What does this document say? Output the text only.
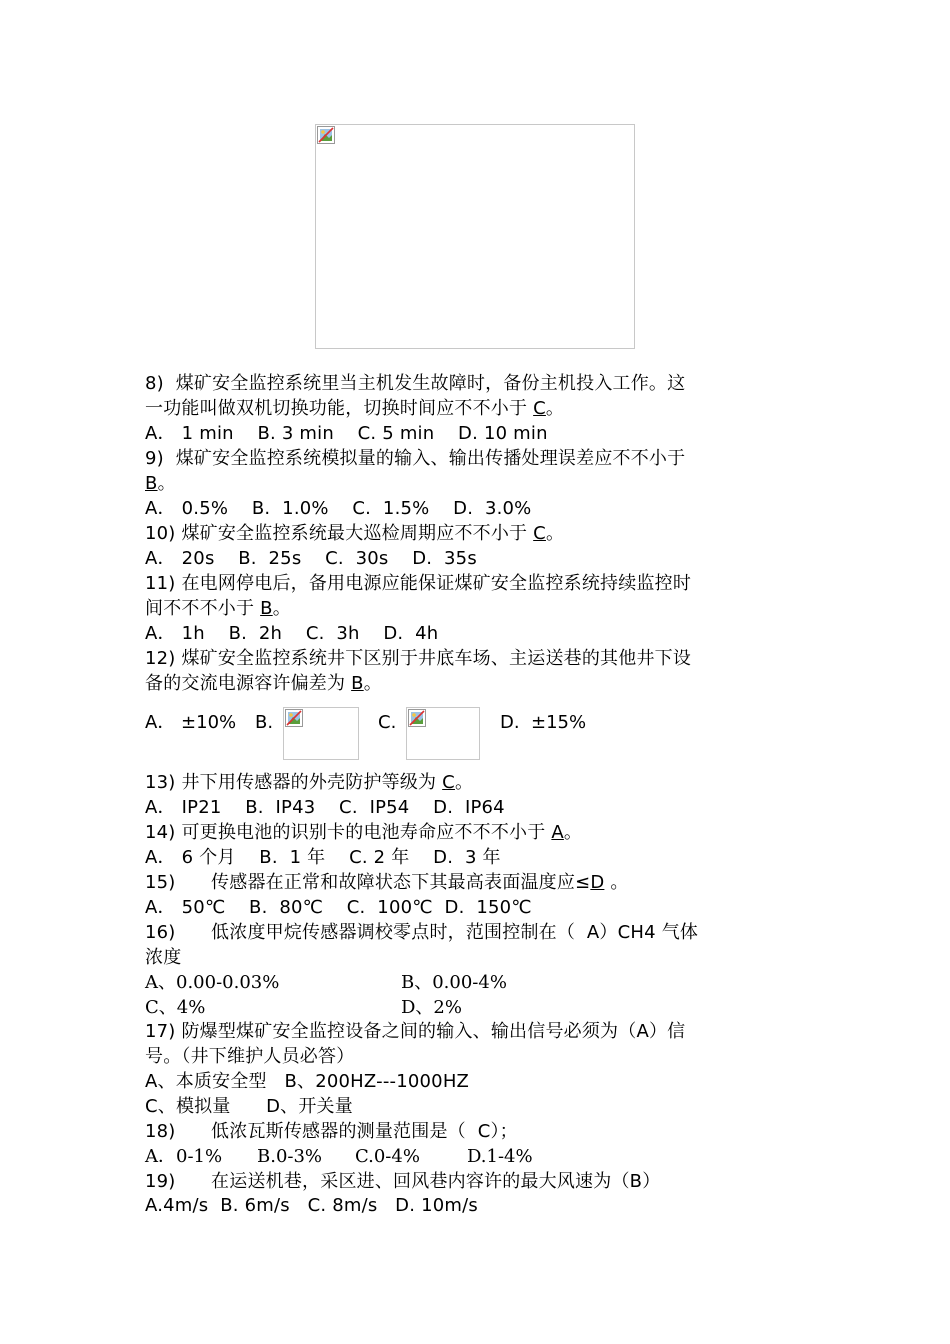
8)  煤矿安全监控系统里当主机发生故障时，备份主机投入工作。这
一功能叫做双机切换功能，切换时间应不不小于 C。
A． 1 min    B. 3 min    C. 5 min    D. 10 min
9)  煤矿安全监控系统模拟量的输入、输出传播处理误差应不不小于
B。
A． 0.5%    B.  1.0%    C.  1.5%    D.  3.0%
10) 煤矿安全监控系统最大巡检周期应不不小于 C。
A． 20s    B.  25s    C.  30s    D.  35s
11) 在电网停电后，备用电源应能保证煤矿安全监控系统持续监控时
间不不不小于 B。
A． 1h    B.  2h    C.  3h    D.  4h
12) 煤矿安全监控系统井下区别于井底车场、主运送巷的其他井下设
备的交流电源容许偏差为 B。
A． ±10% B.	C.	D.  ±15%
13) 井下用传感器的外壳防护等级为 C。
A． IP21    B.  IP43    C.  IP54    D.  IP64
14) 可更换电池的识别卡的电池寿命应不不不小于 A。
A． 6 个月    B.  1 年    C. 2 年    D.  3 年
15)      传感器在正常和故障状态下其最高表面温度应≤D 。
A． 50℃    B.  80℃    C.  100℃  D.  150℃
16)      低浓度甲烷传感器调校零点时，范围控制在（  A）CH4 气体
浓度
A、0.00-0.03%	B、0.00-4%
C、4%	D、2%
17) 防爆型煤矿安全监控设备之间的输入、输出信号必须为（A）信
号。（井下维护人员必答）
A、本质安全型   B、200HZ---1000HZ
C、模拟量      D、开关量
18)      低浓瓦斯传感器的测量范围是（  C）；
A．0-1% B.0-3% C.0-4%	D.1-4%
19)      在运送机巷，采区进、回风巷内容许的最大风速为（B）
A.4m/s  B. 6m/s   C. 8m/s   D. 10m/s
